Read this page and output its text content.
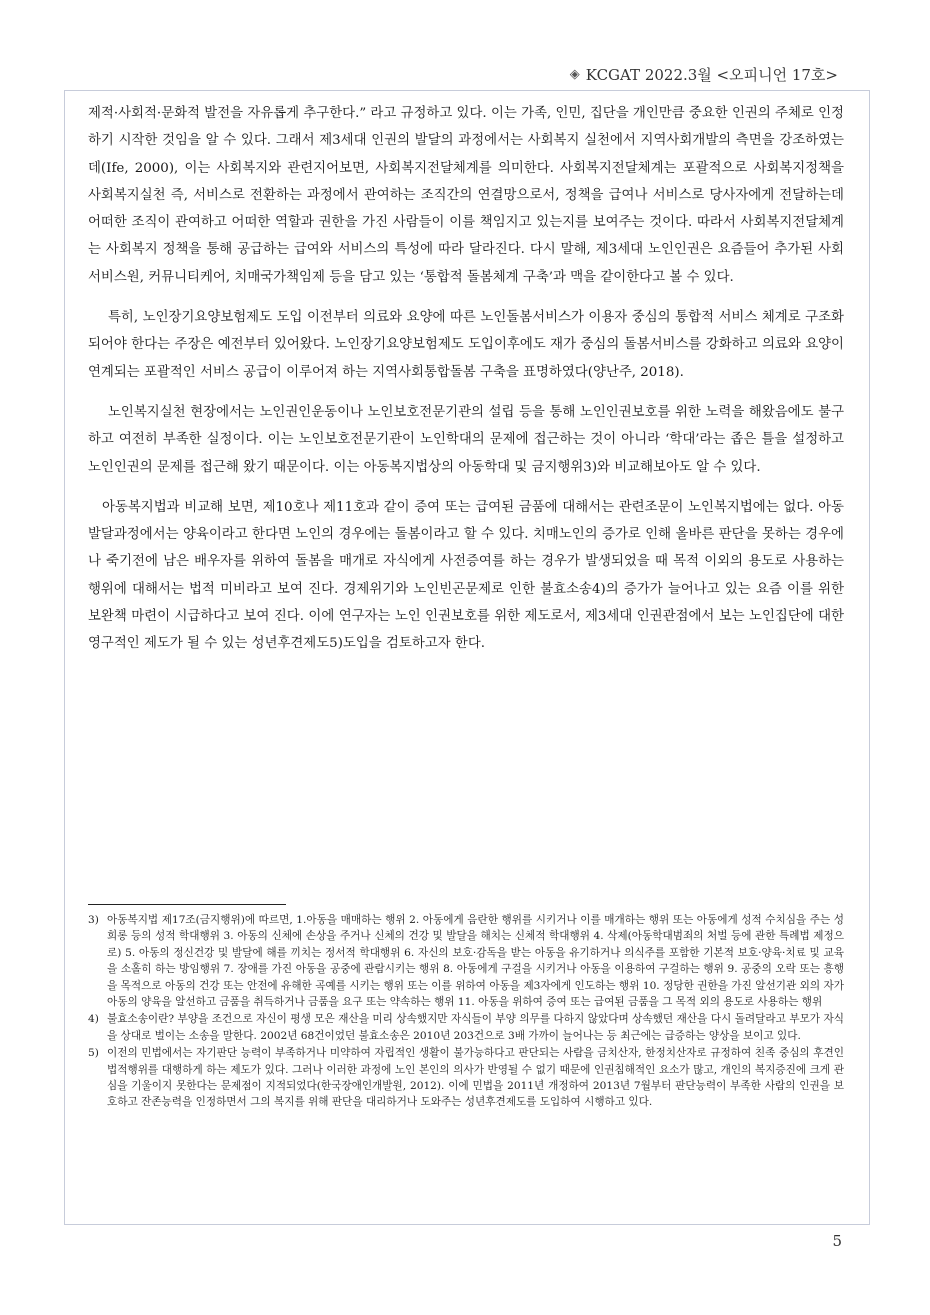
◈ KCGAT 2022.3월 <오피니언 17호>

제적·사회적·문화적 발전을 자유롭게 추구한다.” 라고 규정하고 있다. 이는 가족, 인민, 집단을 개인만큼 중요한 인권의 주체로 인정하기 시작한 것임을 알 수 있다. 그래서 제3세대 인권의 발달의 과정에서는 사회복지 실천에서 지역사회개발의 측면을 강조하였는데(Ife, 2000), 이는 사회복지와 관련지어보면, 사회복지전달체계를 의미한다. 사회복지전달체계는 포괄적으로 사회복지정책을 사회복지실천 즉, 서비스로 전환하는 과정에서 관여하는 조직간의 연결망으로서, 정책을 급여나 서비스로 당사자에게 전달하는데 어떠한 조직이 관여하고 어떠한 역할과 권한을 가진 사람들이 이를 책임지고 있는지를 보여주는 것이다. 따라서 사회복지전달체계는 사회복지 정책을 통해 공급하는 급여와 서비스의 특성에 따라 달라진다. 다시 말해, 제3세대 노인인권은 요즘들어 추가된 사회서비스원, 커뮤니티케어, 치매국가책임제 등을 담고 있는 ‘통합적 돌봄체계 구축’과 맥을 같이한다고 볼 수 있다.

특히, 노인장기요양보험제도 도입 이전부터 의료와 요양에 따른 노인돌봄서비스가 이용자 중심의 통합적 서비스 체계로 구조화되어야 한다는 주장은 예전부터 있어왔다. 노인장기요양보험제도 도입이후에도 재가 중심의 돌봄서비스를 강화하고 의료와 요양이 연계되는 포괄적인 서비스 공급이 이루어져 하는 지역사회통합돌봄 구축을 표명하였다(양난주, 2018).

노인복지실천 현장에서는 노인권인운동이나 노인보호전문기관의 설립 등을 통해 노인인권보호를 위한 노력을 해왔음에도 불구하고 여전히 부족한 실정이다. 이는 노인보호전문기관이 노인학대의 문제에 접근하는 것이 아니라 ‘학대’라는 좁은 틀을 설정하고 노인인권의 문제를 접근해 왔기 때문이다. 이는 아동복지법상의 아동학대 및 금지행위3)와 비교해보아도 알 수 있다.

아동복지법과 비교해 보면, 제10호나 제11호과 같이 증여 또는 급여된 금품에 대해서는 관련조문이 노인복지법에는 없다. 아동발달과정에서는 양육이라고 한다면 노인의 경우에는 돌봄이라고 할 수 있다. 치매노인의 증가로 인해 올바른 판단을 못하는 경우에나 죽기전에 남은 배우자를 위하여 돌봄을 매개로 자식에게 사전증여를 하는 경우가 발생되었을 때 목적 이외의 용도로 사용하는 행위에 대해서는 법적 미비라고 보여 진다. 경제위기와 노인빈곤문제로 인한 불효소송4)의 증가가 늘어나고 있는 요즘 이를 위한 보완책 마련이 시급하다고 보여 진다. 이에 연구자는 노인 인권보호를 위한 제도로서, 제3세대 인권관점에서 보는 노인집단에 대한 영구적인 제도가 될 수 있는 성년후견제도5)도입을 검토하고자 한다.

3) 아동복지법 제17조(금지행위)에 따르면, 1.아동을 매매하는 행위 2. 아동에게 음란한 행위를 시키거나 이를 매개하는 행위 또는 아동에게 성적 수치심을 주는 성희롱 등의 성적 학대행위 3. 아동의 신체에 손상을 주거나 신체의 건강 및 발달을 해치는 신체적 학대행위 4. 삭제(아동학대범죄의 처벌 등에 관한 특례법 제정으로) 5. 아동의 정신건강 및 발달에 해를 끼치는 정서적 학대행위 6. 자신의 보호·감독을 받는 아동을 유기하거나 의식주를 포함한 기본적 보호·양육·치료 및 교육을 소홀히 하는 방임행위 7. 장애를 가진 아동을 공중에 관람시키는 행위 8. 아동에게 구걸을 시키거나 아동을 이용하여 구걸하는 행위 9. 공중의 오락 또는 흥행을 목적으로 아동의 건강 또는 안전에 유해한 곡예를 시키는 행위 또는 이를 위하여 아동을 제3자에게 인도하는 행위 10. 정당한 권한을 가진 알선기관 외의 자가 아동의 양육을 알선하고 금품을 취득하거나 금품을 요구 또는 약속하는 행위 11. 아동을 위하여 증여 또는 급여된 금품을 그 목적 외의 용도로 사용하는 행위
4) 불효소송이란? 부양을 조건으로 자신이 평생 모은 재산을 미리 상속했지만 자식들이 부양 의무를 다하지 않았다며 상속했던 재산을 다시 돌려달라고 부모가 자식을 상대로 벌이는 소송을 말한다. 2002년 68건이었던 불효소송은 2010년 203건으로 3배 가까이 늘어나는 등 최근에는 급증하는 양상을 보이고 있다.
5) 이전의 민법에서는 자기판단 능력이 부족하거나 미약하여 자립적인 생활이 불가능하다고 판단되는 사람을 금치산자, 한정치산자로 규정하여 친족 중심의 후견인 법적행위를 대행하게 하는 제도가 있다. 그러나 이러한 과정에 노인 본인의 의사가 반영될 수 없기 때문에 인권침해적인 요소가 많고, 개인의 복지증진에 크게 관심을 기울이지 못한다는 문제점이 지적되었다(한국장애인개발원, 2012). 이에 민법을 2011년 개정하여 2013년 7월부터 판단능력이 부족한 사람의 인권을 보호하고 잔존능력을 인정하면서 그의 복지를 위해 판단을 대리하거나 도와주는 성년후견제도를 도입하여 시행하고 있다.
5
